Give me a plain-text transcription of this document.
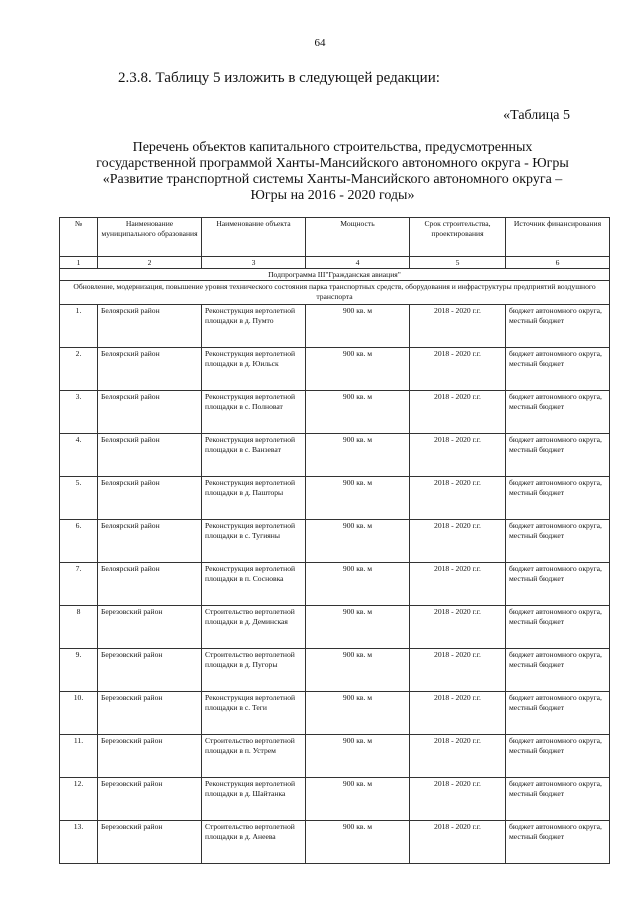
64
2.3.8. Таблицу 5 изложить в следующей редакции:
«Таблица 5
Перечень объектов капитального строительства, предусмотренных
государственной программой Ханты-Мансийского автономного округа - Югры
«Развитие транспортной системы Ханты-Мансийского автономного округа –
Югры на 2016 - 2020 годы»
№	Наименование муниципального образования	Наименование объекта	Мощность	Срок строительства, проектирования	Источник финансирования
1	2	3	4	5	6
Подпрограмма III"Гражданская авиация"					
Обновление, модернизация, повышение уровня технического состояния парка транспортных средств, оборудования и инфраструктуры предприятий воздушного транспорта					
1.	Белоярский район	Реконструкция вертолетной площадки в д. Пумто	900 кв. м	2018 - 2020 г.г.	бюджет автономного округа, местный бюджет
2.	Белоярский район	Реконструкция вертолетной площадки в д. Юильск	900 кв. м	2018 - 2020 г.г.	бюджет автономного округа, местный бюджет
3.	Белоярский район	Реконструкция вертолетной площадки в с. Полноват	900 кв. м	2018 - 2020 г.г.	бюджет автономного округа, местный бюджет
4.	Белоярский район	Реконструкция вертолетной площадки в с. Ванзеват	900 кв. м	2018 - 2020 г.г.	бюджет автономного округа, местный бюджет
5.	Белоярский район	Реконструкция вертолетной площадки в д. Пашторы	900 кв. м	2018 - 2020 г.г.	бюджет автономного округа, местный бюджет
6.	Белоярский район	Реконструкция вертолетной площадки в с. Тугияны	900 кв. м	2018 - 2020 г.г.	бюджет автономного округа, местный бюджет
7.	Белоярский район	Реконструкция вертолетной площадки в п. Сосновка	900 кв. м	2018 - 2020 г.г.	бюджет автономного округа, местный бюджет
8	Березовский район	Строительство вертолетной площадки в д. Деминская	900 кв. м	2018 - 2020 г.г.	бюджет автономного округа, местный бюджет
9.	Березовский район	Строительство вертолетной площадки в д. Пугоры	900 кв. м	2018 - 2020 г.г.	бюджет автономного округа, местный бюджет
10.	Березовский район	Реконструкция вертолетной площадки в с. Теги	900 кв. м	2018 - 2020 г.г.	бюджет автономного округа, местный бюджет
11.	Березовский район	Строительство вертолетной площадки в п. Устрем	900 кв. м	2018 - 2020 г.г.	бюджет автономного округа, местный бюджет
12.	Березовский район	Реконструкция вертолетной площадки в д. Шайтанка	900 кв. м	2018 - 2020 г.г.	бюджет автономного округа, местный бюджет
13.	Березовский район	Строительство вертолетной площадки в д. Анеева	900 кв. м	2018 - 2020 г.г.	бюджет автономного округа, местный бюджет
